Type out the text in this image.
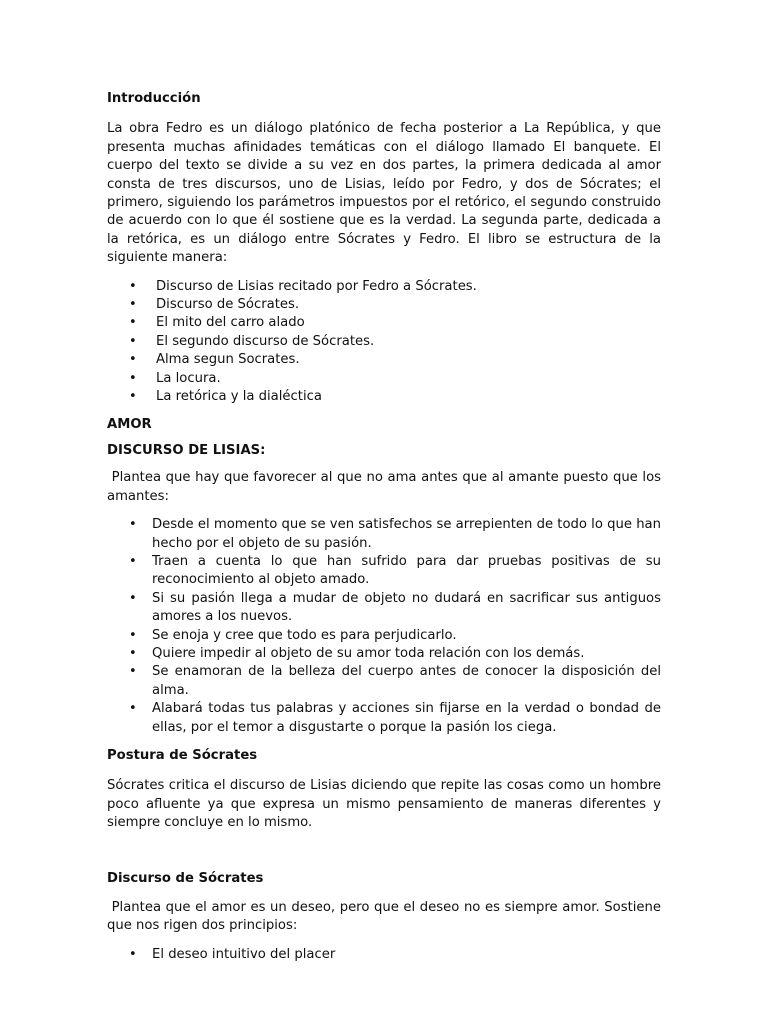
Introducción

La obra Fedro es un diálogo platónico de fecha posterior a La República, y que presenta muchas afinidades temáticas con el diálogo llamado El banquete. El cuerpo del texto se divide a su vez en dos partes, la primera dedicada al amor consta de tres discursos, uno de Lisias, leído por Fedro, y dos de Sócrates; el primero, siguiendo los parámetros impuestos por el retórico, el segundo construido de acuerdo con lo que él sostiene que es la verdad. La segunda parte, dedicada a la retórica, es un diálogo entre Sócrates y Fedro. El libro se estructura de la siguiente manera:

• Discurso de Lisias recitado por Fedro a Sócrates.
• Discurso de Sócrates.
• El mito del carro alado
• El segundo discurso de Sócrates.
• Alma segun Socrates.
• La locura.
• La retórica y la dialéctica

AMOR

DISCURSO DE LISIAS:

Plantea que hay que favorecer al que no ama antes que al amante puesto que los amantes:

• Desde el momento que se ven satisfechos se arrepienten de todo lo que han hecho por el objeto de su pasión.
• Traen a cuenta lo que han sufrido para dar pruebas positivas de su reconocimiento al objeto amado.
• Si su pasión llega a mudar de objeto no dudará en sacrificar sus antiguos amores a los nuevos.
• Se enoja y cree que todo es para perjudicarlo.
• Quiere impedir al objeto de su amor toda relación con los demás.
• Se enamoran de la belleza del cuerpo antes de conocer la disposición del alma.
• Alabará todas tus palabras y acciones sin fijarse en la verdad o bondad de ellas, por el temor a disgustarte o porque la pasión los ciega.

Postura de Sócrates

Sócrates critica el discurso de Lisias diciendo que repite las cosas como un hombre poco afluente ya que expresa un mismo pensamiento de maneras diferentes y siempre concluye en lo mismo.

Discurso de Sócrates

Plantea que el amor es un deseo, pero que el deseo no es siempre amor. Sostiene que nos rigen dos principios:

• El deseo intuitivo del placer
